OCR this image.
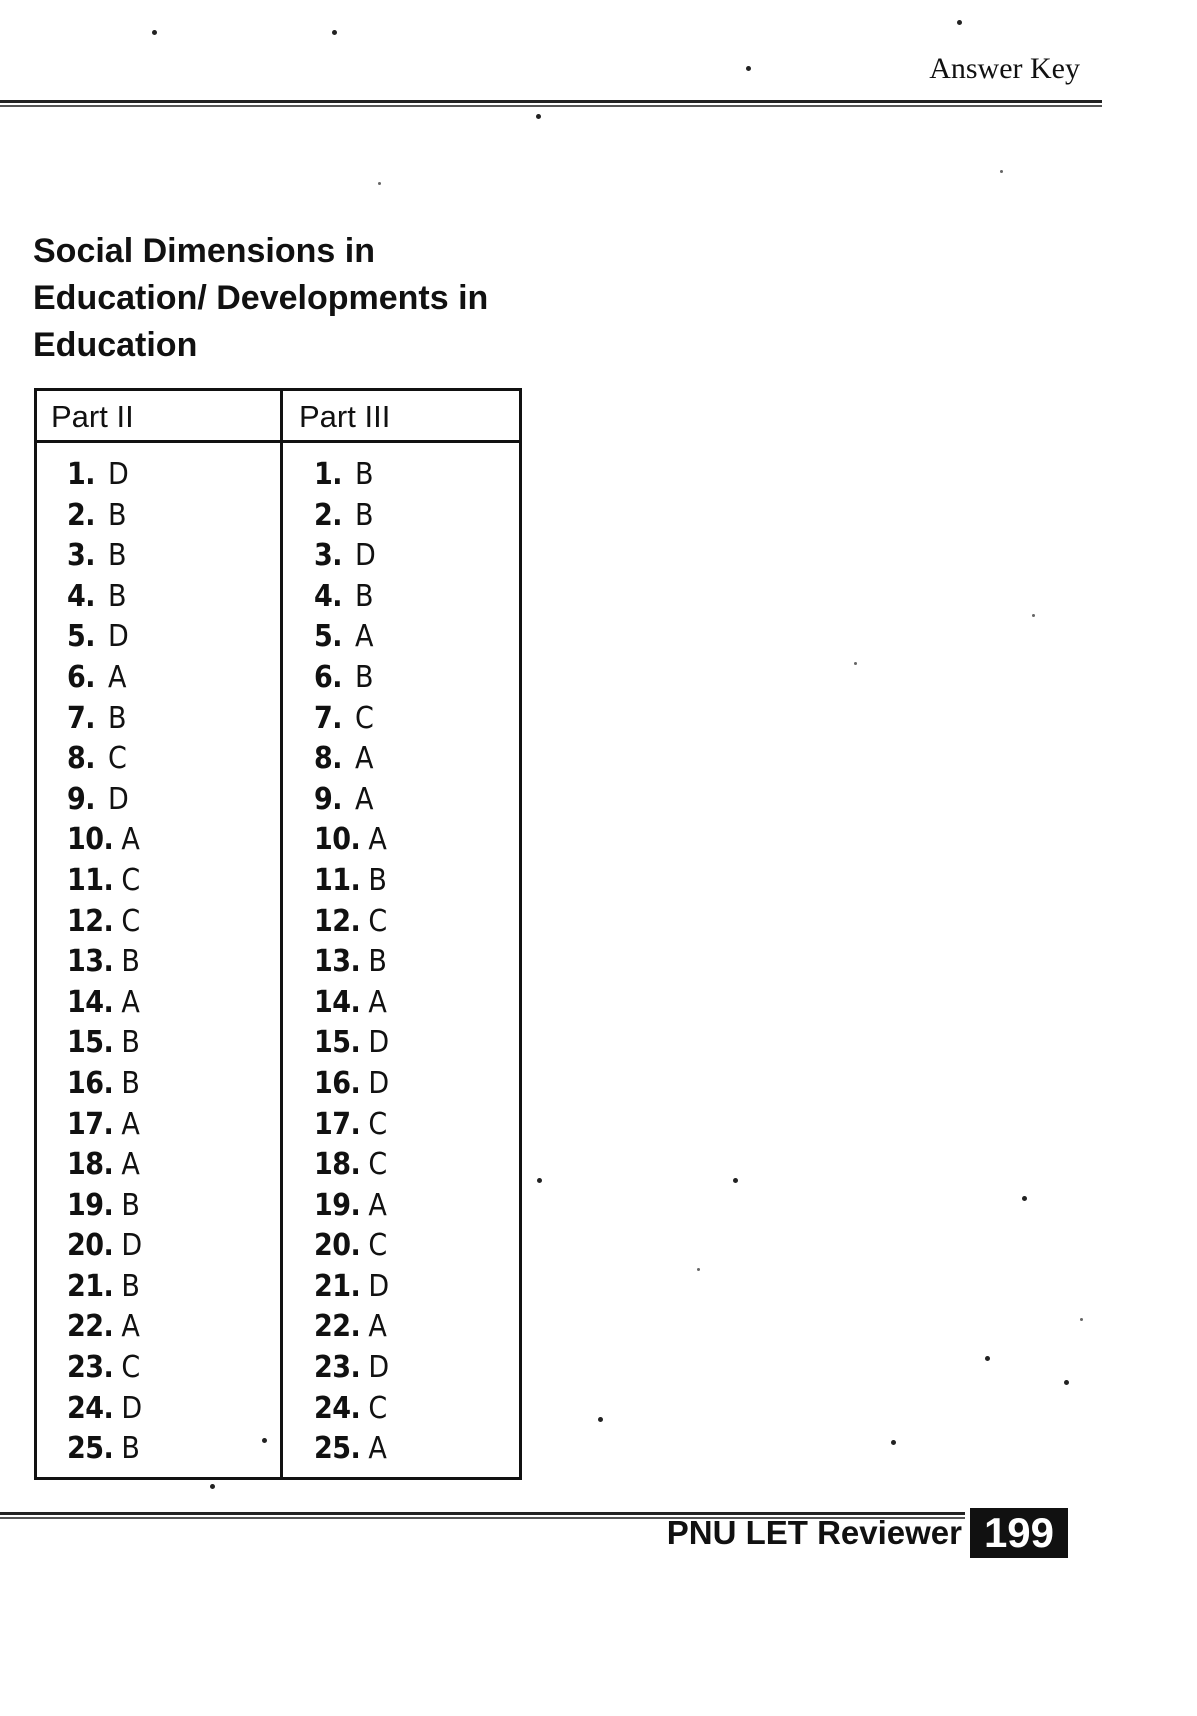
Answer Key
Social Dimensions in Education/ Developments in Education
Part II
1.  D
2.  B
3.  B
4.  B
5.  D
6.  A
7.  B
8.  C
9.  D
10. A
11. C
12. C
13. B
14. A
15. B
16. B
17. A
18. A
19. B
20. D
21. B
22. A
23. C
24. D
25. B
Part III
1.  B
2.  B
3.  D
4.  B
5.  A
6.  B
7.  C
8.  A
9.  A
10. A
11. B
12. C
13. B
14. A
15. D
16. D
17. C
18. C
19. A
20. C
21. D
22. A
23. D
24. C
25. A
PNU LET Reviewer 199
